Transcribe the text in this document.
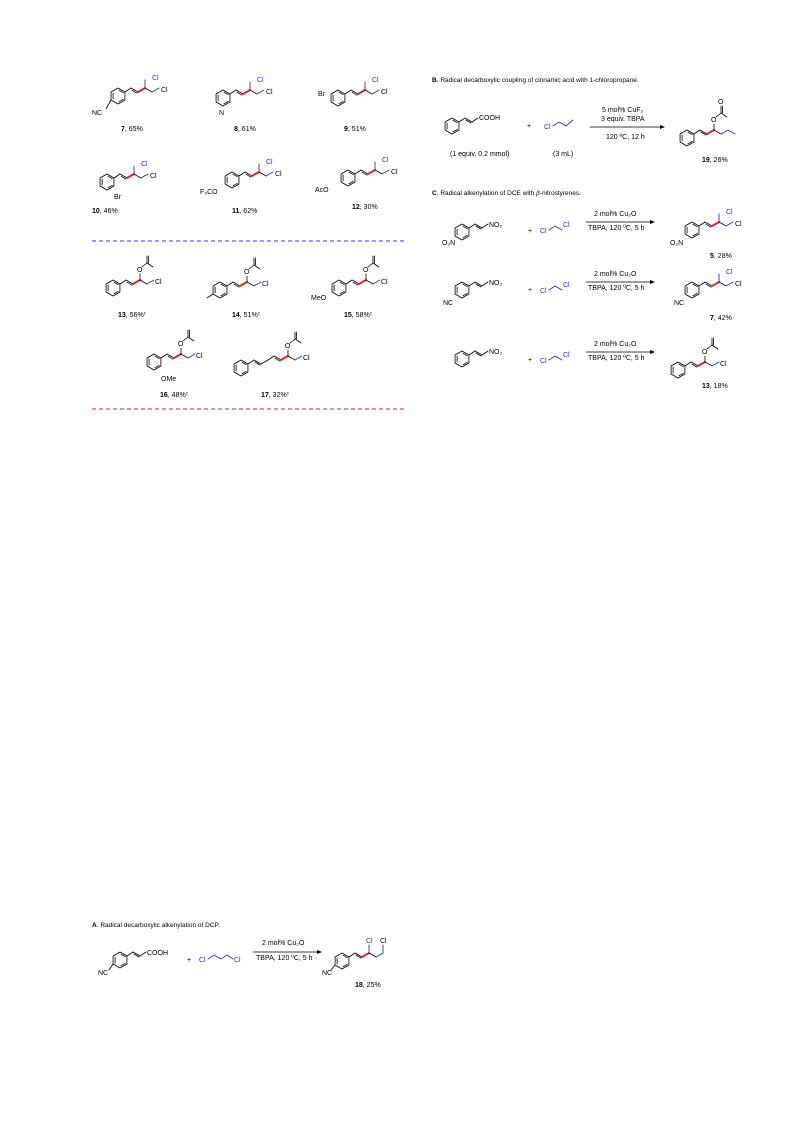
Cl
Cl
NC
7, 65%
Cl
Cl
N
8, 61%
Cl
Cl
Br
9, 51%
Cl
Cl
Br
10, 46%
Cl
Cl
F₃CO
11, 62%
Cl
Cl
AcO
12, 30%
O
Cl
13, 56%$^c$
O
Cl
14, 51%$^c$
O
Cl
MeO
15, 58%$^c$
O
Cl
OMe
16, 48%$^c$
O
Cl
17, 32%$^c$
B. Radical decarboxylic coupling of cinnamic acid with 1-chloropropane.
COOH
(1 equiv. 0.2 mmol)
+ Cl
(3 mL)
5 mol% CuF₂
3 equiv. TBPA
120 ºC, 12 h
O
O
19, 26%
C. Radical alkenylation of DCE with β-nitrostyrenes.
NO₂
O₂N
+ Cl
Cl
2 mol% Cu₂O
TBPA, 120 ºC, 5 h
Cl
Cl
O₂N
5, 28%
NO₂
NC
+ Cl
Cl
2 mol% Cu₂O
TBPA, 120 ºC, 5 h
Cl
Cl
NC
7, 42%
NO₂
+ Cl
Cl
2 mol% Cu₂O
TBPA, 120 ºC, 5 h
O
Cl
13, 18%
A. Radical decarboxylic alkenylation of DCP.
COOH
NC
+ Cl	Cl
2 mol% Cu₂O
TBPA, 120 ºC, 5 h
NC
Cl Cl
18, 25%
